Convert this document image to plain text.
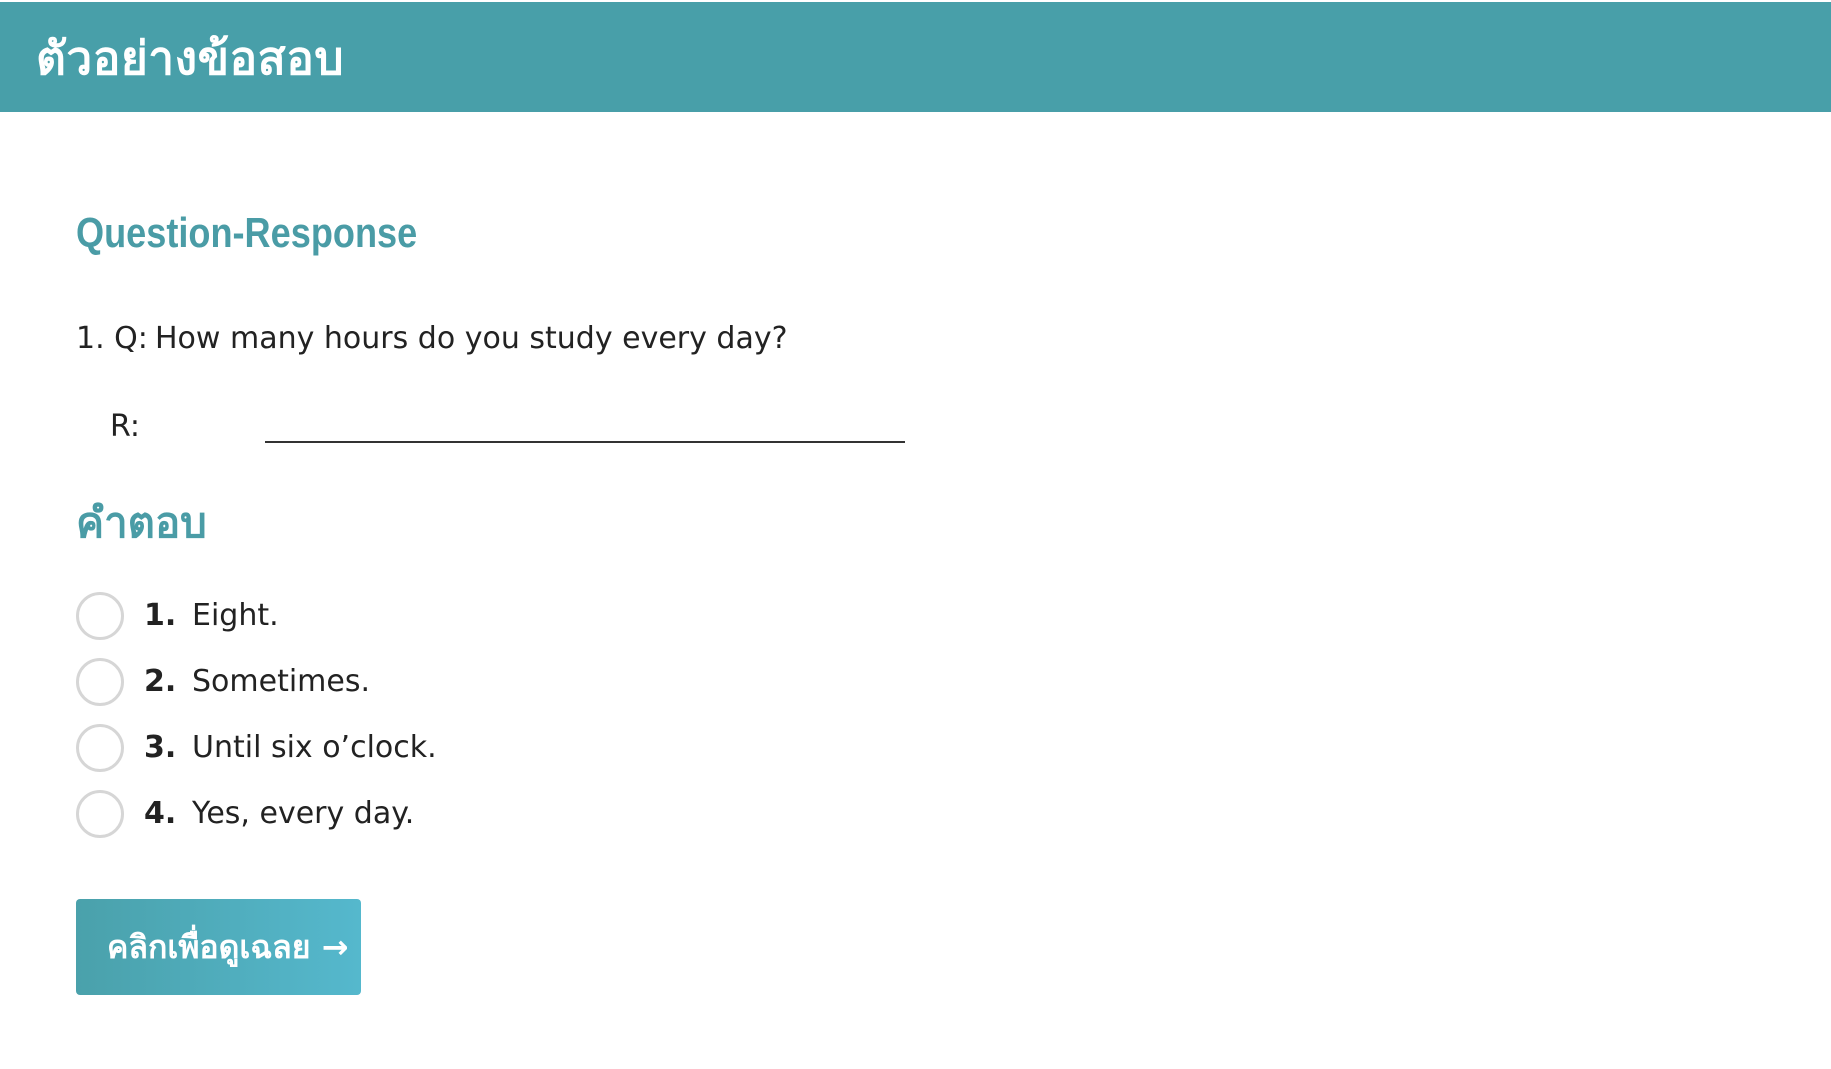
ตัวอย่างข้อสอบ
Question-Response
1. Q: How many hours do you study every day?
R:
คำตอบ
1. Eight.
2. Sometimes.
3. Until six o’clock.
4. Yes, every day.
คลิกเพื่อดูเฉลย →
